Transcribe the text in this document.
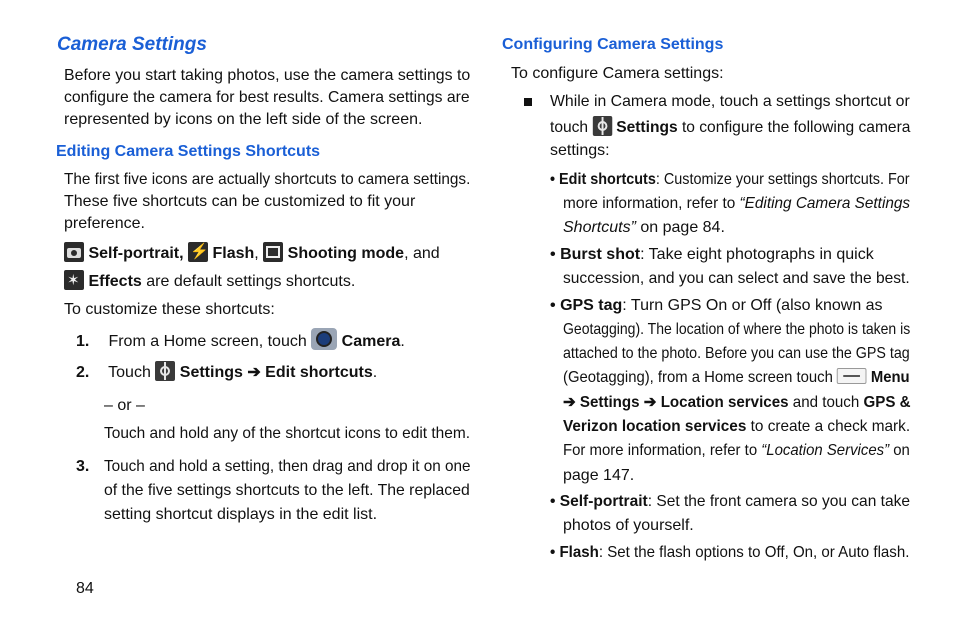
Camera Settings
Before you start taking photos, use the camera settings to
configure the camera for best results. Camera settings are
represented by icons on the left side of the screen.
Editing Camera Settings Shortcuts
The first five icons are actually shortcuts to camera settings.
These five shortcuts can be customized to fit your
preference.
Self-portrait, ⚡ Flash, Shooting mode, and
✶ Effects are default settings shortcuts.
To customize these shortcuts:
1. From a Home screen, touch Camera.
2. Touch Settings ➔ Edit shortcuts.
– or –
Touch and hold any of the shortcut icons to edit them.
3. Touch and hold a setting, then drag and drop it on one
of the five settings shortcuts to the left. The replaced
setting shortcut displays in the edit list.
84
Configuring Camera Settings
To configure Camera settings:
While in Camera mode, touch a settings shortcut or
touch Settings to configure the following camera
settings:
• Edit shortcuts: Customize your settings shortcuts. For
more information, refer to “Editing Camera Settings
Shortcuts” on page 84.
• Burst shot: Take eight photographs in quick
succession, and you can select and save the best.
• GPS tag: Turn GPS On or Off (also known as
Geotagging). The location of where the photo is taken is
attached to the photo. Before you can use the GPS tag
(Geotagging), from a Home screen touch Menu
➔ Settings ➔ Location services and touch GPS &
Verizon location services to create a check mark.
For more information, refer to “Location Services” on
page 147.
• Self-portrait: Set the front camera so you can take
photos of yourself.
• Flash: Set the flash options to Off, On, or Auto flash.
